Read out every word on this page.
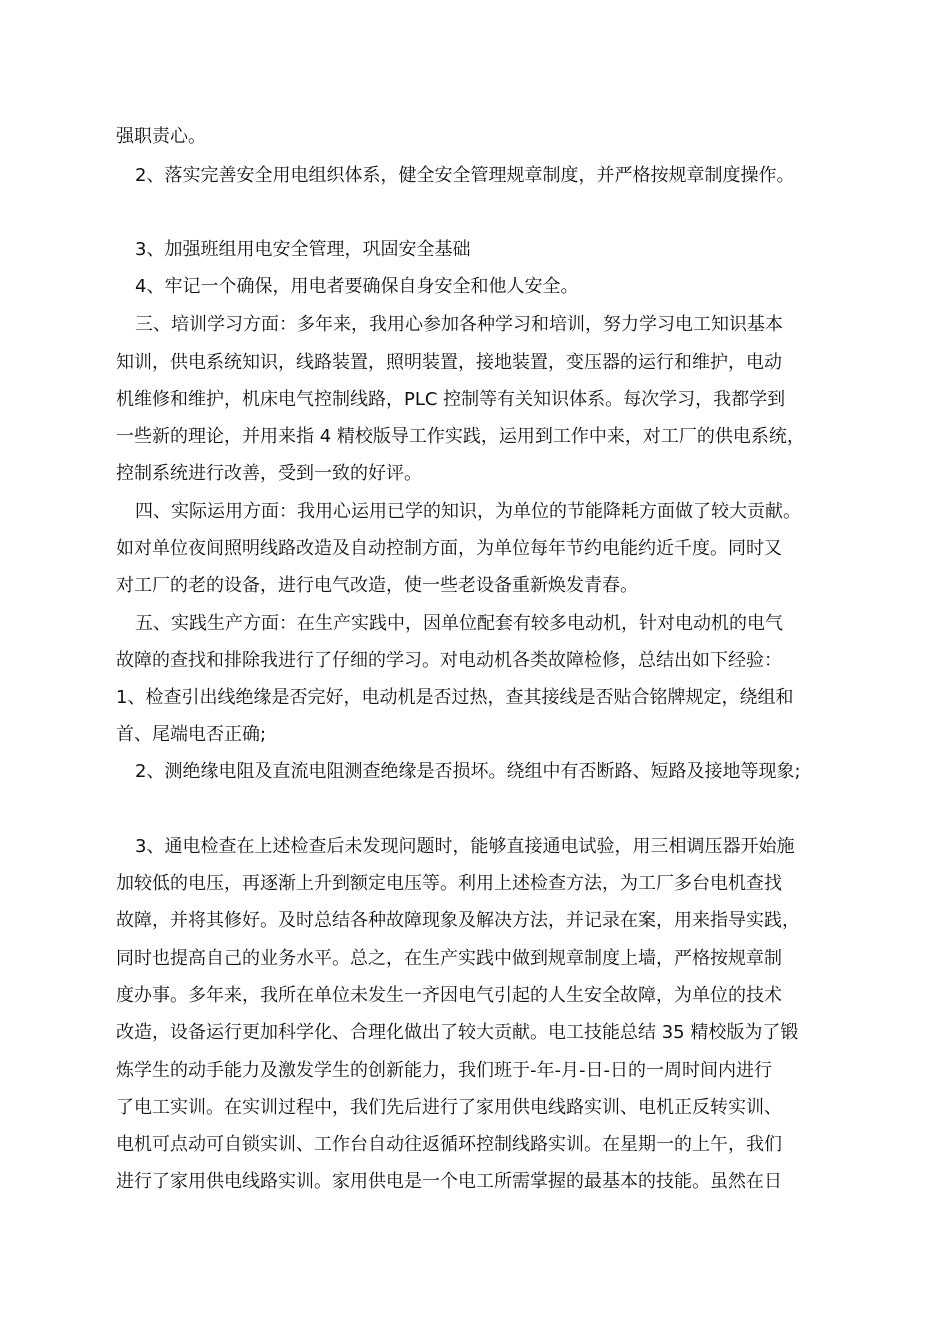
强职责心。
2、落实完善安全用电组织体系，健全安全管理规章制度，并严格按规章制度操作。
3、加强班组用电安全管理，巩固安全基础
4、牢记一个确保，用电者要确保自身安全和他人安全。
三、培训学习方面：多年来，我用心参加各种学习和培训，努力学习电工知识基本
知训，供电系统知识，线路装置，照明装置，接地装置，变压器的运行和维护，电动
机维修和维护，机床电气控制线路，PLC 控制等有关知识体系。每次学习，我都学到
一些新的理论，并用来指 4 精校版导工作实践，运用到工作中来，对工厂的供电系统，
控制系统进行改善，受到一致的好评。
四、实际运用方面：我用心运用已学的知识，为单位的节能降耗方面做了较大贡献。
如对单位夜间照明线路改造及自动控制方面，为单位每年节约电能约近千度。同时又
对工厂的老的设备，进行电气改造，使一些老设备重新焕发青春。
五、实践生产方面：在生产实践中，因单位配套有较多电动机，针对电动机的电气
故障的查找和排除我进行了仔细的学习。对电动机各类故障检修，总结出如下经验：
1、检查引出线绝缘是否完好，电动机是否过热，查其接线是否贴合铭牌规定，绕组和
首、尾端电否正确;
2、测绝缘电阻及直流电阻测查绝缘是否损坏。绕组中有否断路、短路及接地等现象;
3、通电检查在上述检查后未发现问题时，能够直接通电试验，用三相调压器开始施
加较低的电压，再逐渐上升到额定电压等。利用上述检查方法，为工厂多台电机查找
故障，并将其修好。及时总结各种故障现象及解决方法，并记录在案，用来指导实践，
同时也提高自己的业务水平。总之，在生产实践中做到规章制度上墙，严格按规章制
度办事。多年来，我所在单位未发生一齐因电气引起的人生安全故障，为单位的技术
改造，设备运行更加科学化、合理化做出了较大贡献。电工技能总结 35 精校版为了锻
炼学生的动手能力及激发学生的创新能力，我们班于-年-月-日-日的一周时间内进行
了电工实训。在实训过程中，我们先后进行了家用供电线路实训、电机正反转实训、
电机可点动可自锁实训、工作台自动往返循环控制线路实训。在星期一的上午，我们
进行了家用供电线路实训。家用供电是一个电工所需掌握的最基本的技能。虽然在日
